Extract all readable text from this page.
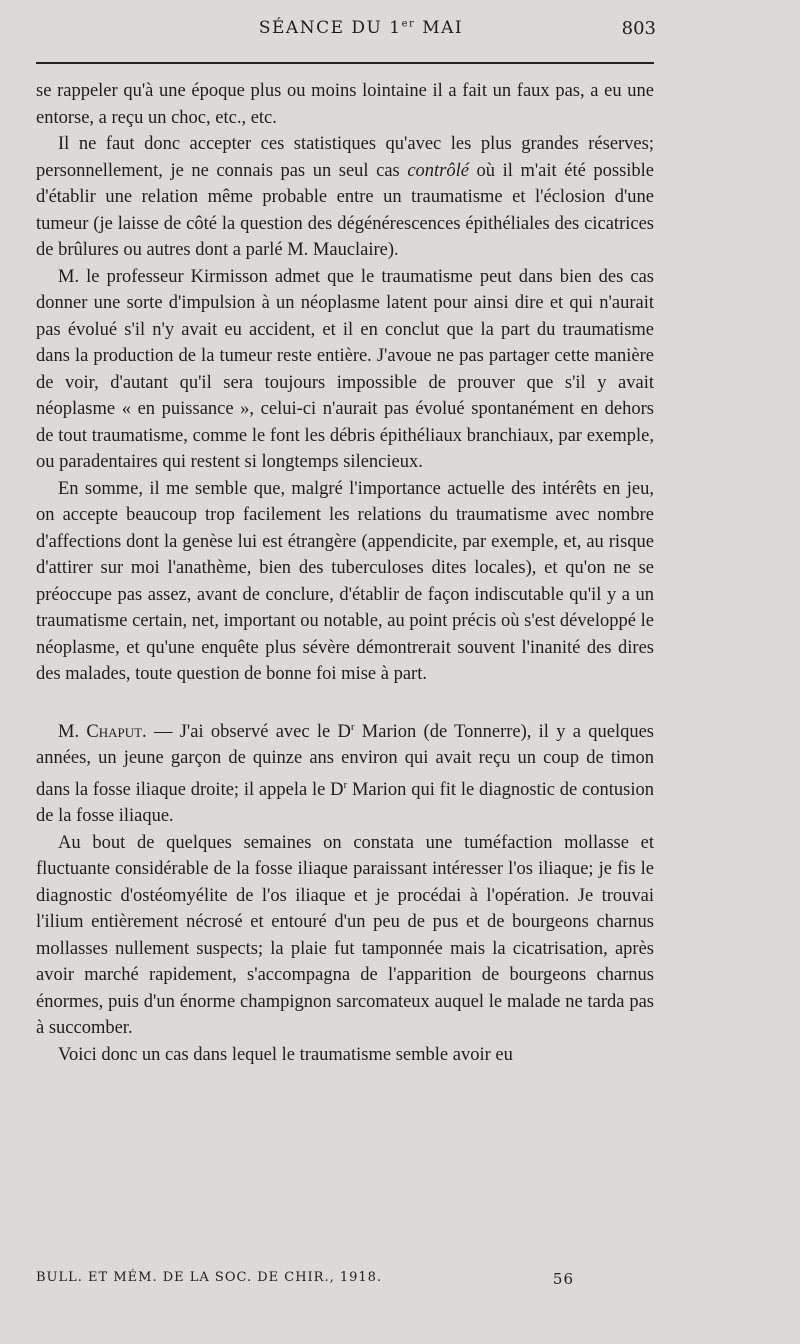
SÉANCE DU 1er MAI	803

se rappeler qu'à une époque plus ou moins lointaine il a fait un faux pas, a eu une entorse, a reçu un choc, etc., etc.

Il ne faut donc accepter ces statistiques qu'avec les plus grandes réserves; personnellement, je ne connais pas un seul cas contrôlé où il m'ait été possible d'établir une relation même probable entre un traumatisme et l'éclosion d'une tumeur (je laisse de côté la question des dégénérescences épithéliales des cicatrices de brûlures ou autres dont a parlé M. Mauclaire).

M. le professeur Kirmisson admet que le traumatisme peut dans bien des cas donner une sorte d'impulsion à un néoplasme latent pour ainsi dire et qui n'aurait pas évolué s'il n'y avait eu accident, et il en conclut que la part du traumatisme dans la production de la tumeur reste entière. J'avoue ne pas partager cette manière de voir, d'autant qu'il sera toujours impossible de prouver que s'il y avait néoplasme « en puissance », celui-ci n'aurait pas évolué spontanément en dehors de tout traumatisme, comme le font les débris épithéliaux branchiaux, par exemple, ou paradentaires qui restent si longtemps silencieux.

En somme, il me semble que, malgré l'importance actuelle des intérêts en jeu, on accepte beaucoup trop facilement les relations du traumatisme avec nombre d'affections dont la genèse lui est étrangère (appendicite, par exemple, et, au risque d'attirer sur moi l'anathème, bien des tuberculoses dites locales), et qu'on ne se préoccupe pas assez, avant de conclure, d'établir de façon indiscutable qu'il y a un traumatisme certain, net, important ou notable, au point précis où s'est développé le néoplasme, et qu'une enquête plus sévère démontrerait souvent l'inanité des dires des malades, toute question de bonne foi mise à part.

M. Chaput. — J'ai observé avec le $D^r$ Marion (de Tonnerre), il y a quelques années, un jeune garçon de quinze ans environ qui avait reçu un coup de timon dans la fosse iliaque droite; il appela le $D^r$ Marion qui fit le diagnostic de contusion de la fosse iliaque.

Au bout de quelques semaines on constata une tuméfaction mollasse et fluctuante considérable de la fosse iliaque paraissant intéresser l'os iliaque; je fis le diagnostic d'ostéomyélite de l'os iliaque et je procédai à l'opération. Je trouvai l'ilium entièrement nécrosé et entouré d'un peu de pus et de bourgeons charnus mollasses nullement suspects; la plaie fut tamponnée mais la cicatrisation, après avoir marché rapidement, s'accompagna de l'apparition de bourgeons charnus énormes, puis d'un énorme champignon sarcomateux auquel le malade ne tarda pas à succomber.

Voici donc un cas dans lequel le traumatisme semble avoir eu

BULL. ET MÉM. DE LA SOC. DE CHIR., 1918.	56
